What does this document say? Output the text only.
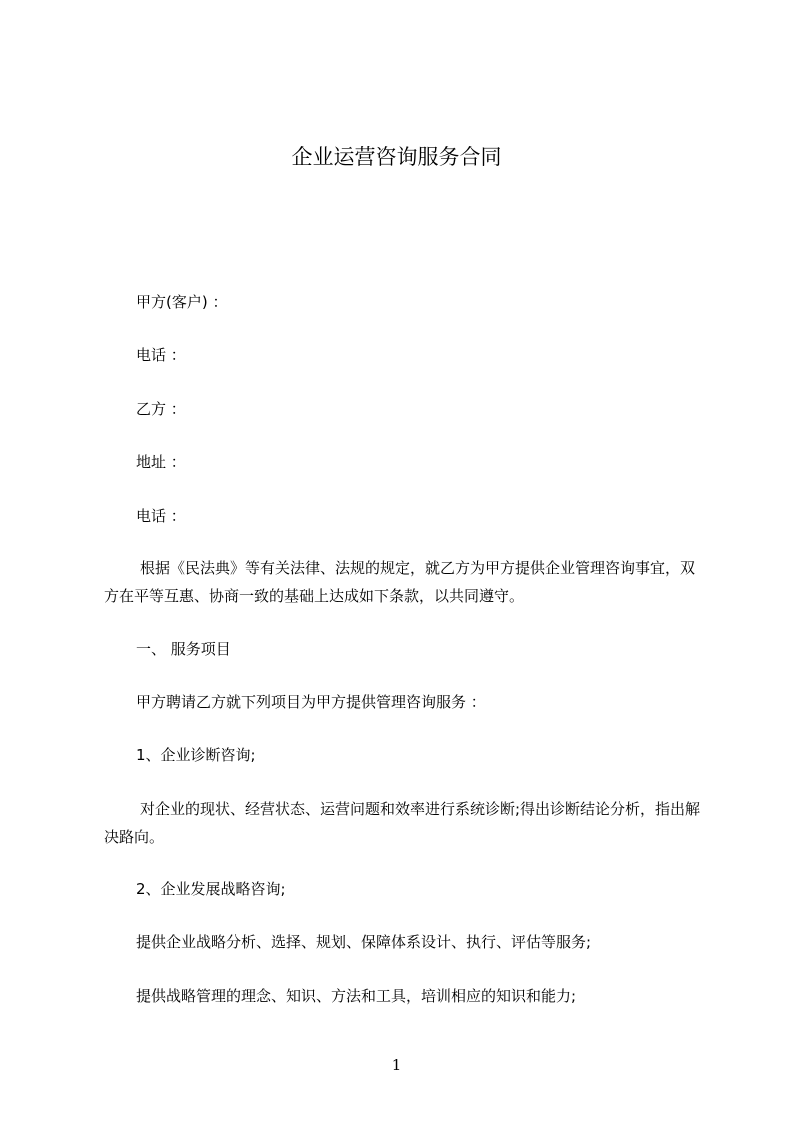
企业运营咨询服务合同
甲方(客户) ：
电话 ：
乙方 ：
地址 ：
电话 ：
根据《民法典》等有关法律、法规的规定，就乙方为甲方提供企业管理咨询事宜，双方在平等互惠、协商一致的基础上达成如下条款，以共同遵守。
一、 服务项目
甲方聘请乙方就下列项目为甲方提供管理咨询服务 ：
1、企业诊断咨询;
对企业的现状、经营状态、运营问题和效率进行系统诊断;得出诊断结论分析，指出解决路向。
2、企业发展战略咨询;
提供企业战略分析、选择、规划、保障体系设计、执行、评估等服务;
提供战略管理的理念、知识、方法和工具，培训相应的知识和能力;
1
